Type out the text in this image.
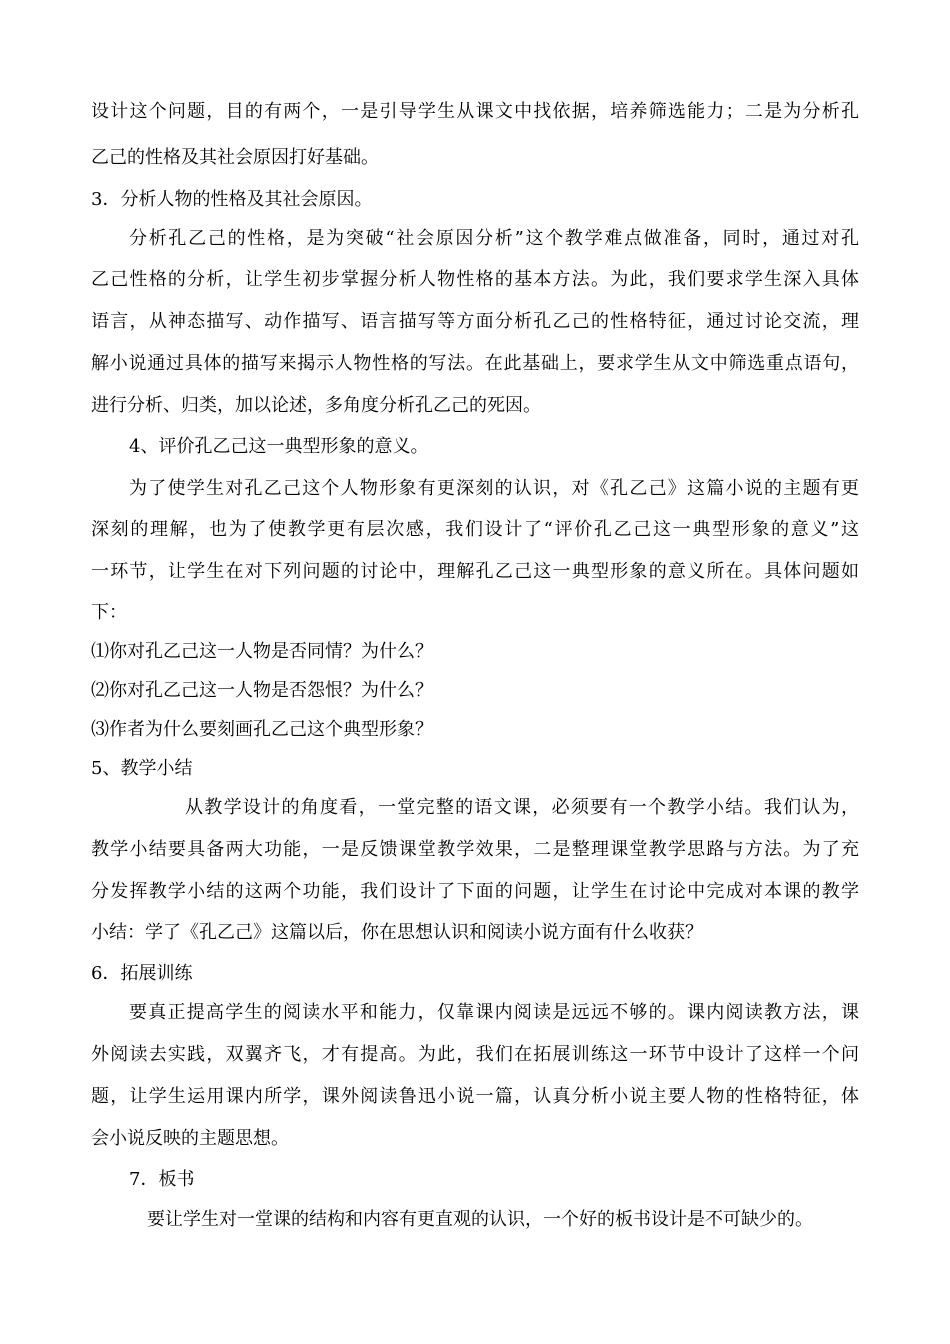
设计这个问题，目的有两个，一是引导学生从课文中找依据，培养筛选能力；二是为分析孔
乙己的性格及其社会原因打好基础。
3．分析人物的性格及其社会原因。
分析孔乙己的性格，是为突破“社会原因分析”这个教学难点做准备，同时，通过对孔
乙己性格的分析，让学生初步掌握分析人物性格的基本方法。为此，我们要求学生深入具体
语言，从神态描写、动作描写、语言描写等方面分析孔乙己的性格特征，通过讨论交流，理
解小说通过具体的描写来揭示人物性格的写法。在此基础上，要求学生从文中筛选重点语句，
进行分析、归类，加以论述，多角度分析孔乙己的死因。
4、评价孔乙己这一典型形象的意义。
为了使学生对孔乙己这个人物形象有更深刻的认识，对《孔乙己》这篇小说的主题有更
深刻的理解，也为了使教学更有层次感，我们设计了“评价孔乙己这一典型形象的意义”这
一环节，让学生在对下列问题的讨论中，理解孔乙己这一典型形象的意义所在。具体问题如
下：
⑴你对孔乙己这一人物是否同情？为什么？
⑵你对孔乙己这一人物是否怨恨？为什么？
⑶作者为什么要刻画孔乙己这个典型形象？
5、教学小结
从教学设计的角度看，一堂完整的语文课，必须要有一个教学小结。我们认为，
教学小结要具备两大功能，一是反馈课堂教学效果，二是整理课堂教学思路与方法。为了充
分发挥教学小结的这两个功能，我们设计了下面的问题，让学生在讨论中完成对本课的教学
小结：学了《孔乙己》这篇以后，你在思想认识和阅读小说方面有什么收获？
6．拓展训练
要真正提高学生的阅读水平和能力，仅靠课内阅读是远远不够的。课内阅读教方法，课
外阅读去实践，双翼齐飞，才有提高。为此，我们在拓展训练这一环节中设计了这样一个问
题，让学生运用课内所学，课外阅读鲁迅小说一篇，认真分析小说主要人物的性格特征，体
会小说反映的主题思想。
7．板书
要让学生对一堂课的结构和内容有更直观的认识，一个好的板书设计是不可缺少的。
